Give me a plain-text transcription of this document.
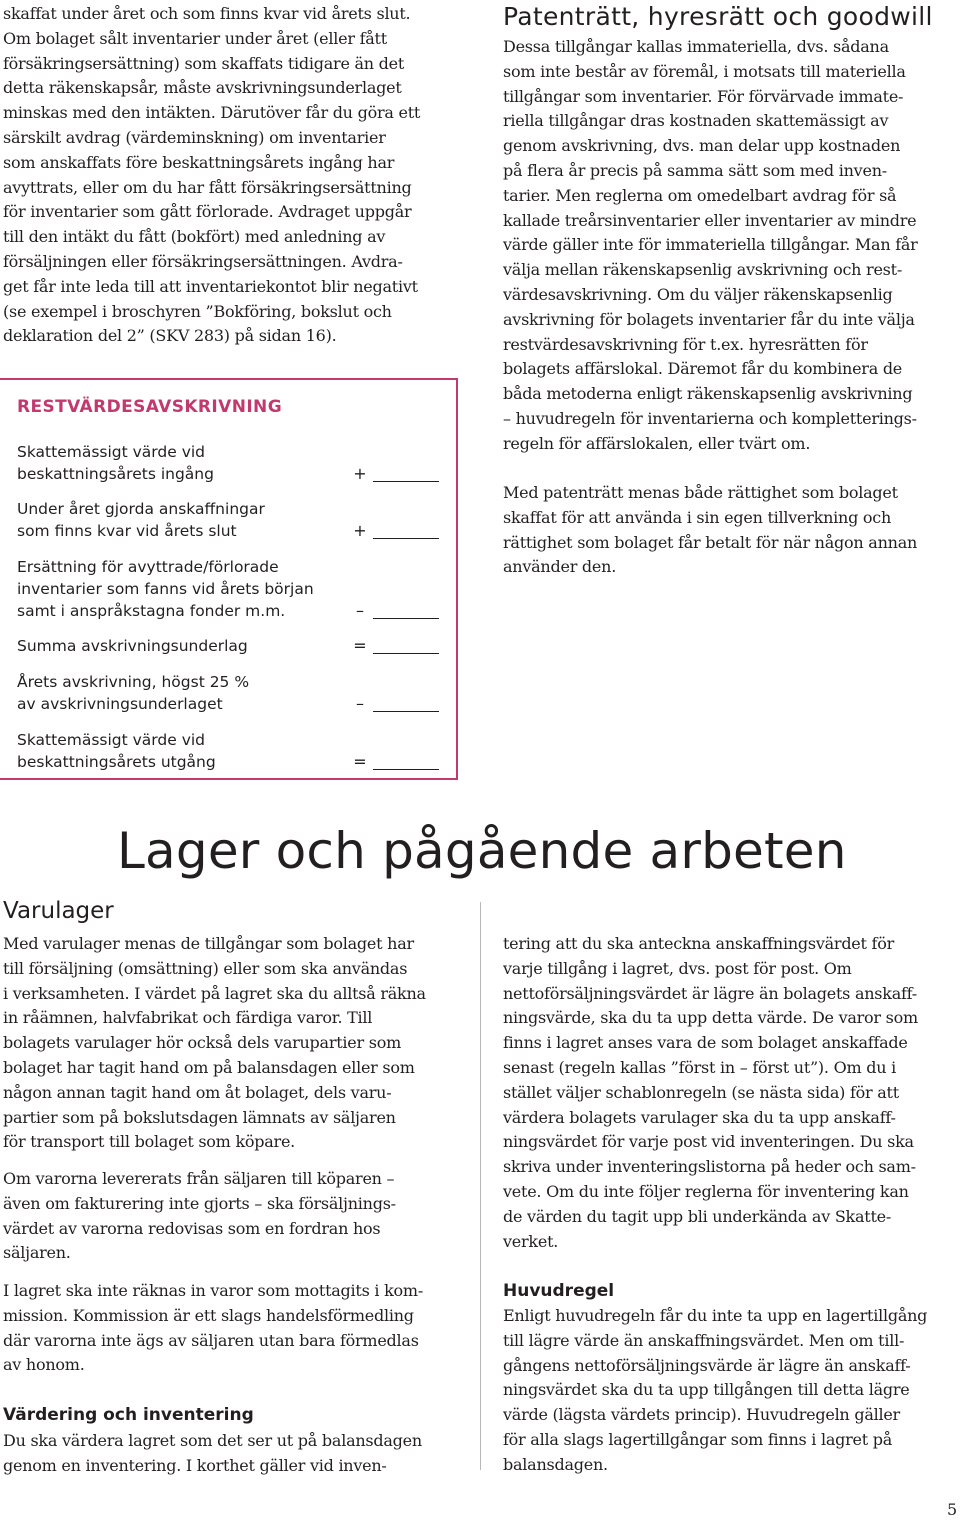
skaffat under året och som finns kvar vid årets slut.
Om bolaget sålt inventarier under året (eller fått
försäkringsersättning) som skaffats tidigare än det
detta räkenskapsår, måste avskrivningsunderlaget
minskas med den intäkten. Därutöver får du göra ett
särskilt avdrag (värdeminskning) om inventarier
som anskaffats före beskattningsårets ingång har
avyttrats, eller om du har fått försäkringsersättning
för inventarier som gått förlorade. Avdraget uppgår
till den intäkt du fått (bokfört) med anledning av
försäljningen eller försäkringsersättningen. Avdra-
get får inte leda till att inventariekontot blir negativt
(se exempel i broschyren ”Bokföring, bokslut och
deklaration del 2” (SKV 283) på sidan 16).

RESTVÄRDESAVSKRIVNING
Skattemässigt värde vid
beskattningsårets ingång	+
Under året gjorda anskaffningar
som finns kvar vid årets slut	+
Ersättning för avyttrade/förlorade
inventarier som fanns vid årets början
samt i anspråkstagna fonder m.m.	–
Summa avskrivningsunderlag	=
Årets avskrivning, högst 25 %
av avskrivningsunderlaget	–
Skattemässigt värde vid
beskattningsårets utgång	=
Patenträtt, hyresrätt och goodwill

Dessa tillgångar kallas immateriella, dvs. sådana
som inte består av föremål, i motsats till materiella
tillgångar som inventarier. För förvärvade immate-
riella tillgångar dras kostnaden skattemässigt av
genom avskrivning, dvs. man delar upp kostnaden
på flera år precis på samma sätt som med inven-
tarier. Men reglerna om omedelbart avdrag för så
kallade treårsinventarier eller inventarier av mindre
värde gäller inte för immateriella tillgångar. Man får
välja mellan räkenskapsenlig avskrivning och rest-
värdesavskrivning. Om du väljer räkenskapsenlig
avskrivning för bolagets inventarier får du inte välja
restvärdesavskrivning för t.ex. hyresrätten för
bolagets affärslokal. Däremot får du kombinera de
båda metoderna enligt räkenskapsenlig avskrivning
– huvudregeln för inventarierna och kompletterings-
regeln för affärslokalen, eller tvärt om.

Med patenträtt menas både rättighet som bolaget
skaffat för att använda i sin egen tillverkning och
rättighet som bolaget får betalt för när någon annan
använder den.

Lager och pågående arbeten
Varulager

Med varulager menas de tillgångar som bolaget har
till försäljning (omsättning) eller som ska användas
i verksamheten. I värdet på lagret ska du alltså räkna
in råämnen, halvfabrikat och färdiga varor. Till
bolagets varulager hör också dels varupartier som
bolaget har tagit hand om på balansdagen eller som
någon annan tagit hand om åt bolaget, dels varu-
partier som på bokslutsdagen lämnats av säljaren
för transport till bolaget som köpare.

Om varorna levererats från säljaren till köparen –
även om fakturering inte gjorts – ska försäljnings-
värdet av varorna redovisas som en fordran hos
säljaren.

I lagret ska inte räknas in varor som mottagits i kom-
mission. Kommission är ett slags handelsförmedling
där varorna inte ägs av säljaren utan bara förmedlas
av honom.

Värdering och inventering

Du ska värdera lagret som det ser ut på balansdagen
genom en inventering. I korthet gäller vid inven-

tering att du ska anteckna anskaffningsvärdet för
varje tillgång i lagret, dvs. post för post. Om
nettoförsäljningsvärdet är lägre än bolagets anskaff-
ningsvärde, ska du ta upp detta värde. De varor som
finns i lagret anses vara de som bolaget anskaffade
senast (regeln kallas ”först in – först ut”). Om du i
stället väljer schablonregeln (se nästa sida) för att
värdera bolagets varulager ska du ta upp anskaff-
ningsvärdet för varje post vid inventeringen. Du ska
skriva under inventeringslistorna på heder och sam-
vete. Om du inte följer reglerna för inventering kan
de värden du tagit upp bli underkända av Skatte-
verket.

Huvudregel

Enligt huvudregeln får du inte ta upp en lagertillgång
till lägre värde än anskaffningsvärdet. Men om till-
gångens nettoförsäljningsvärde är lägre än anskaff-
ningsvärdet ska du ta upp tillgången till detta lägre
värde (lägsta värdets princip). Huvudregeln gäller
för alla slags lagertillgångar som finns i lagret på
balansdagen.

5
